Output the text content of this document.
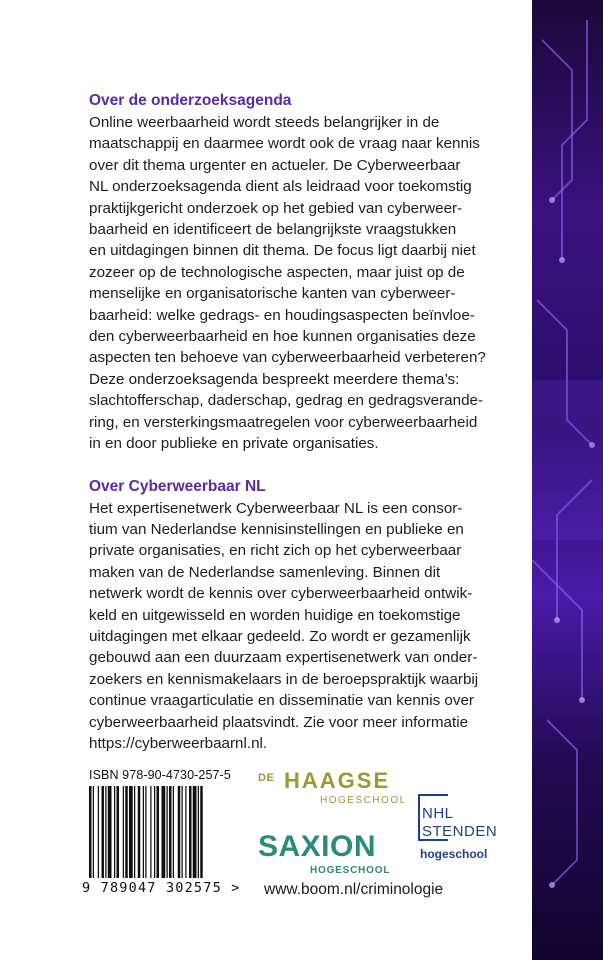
Over de onderzoeksagenda
Online weerbaarheid wordt steeds belangrijker in de
maatschappij en daarmee wordt ook de vraag naar kennis
over dit thema urgenter en actueler. De Cyberweerbaar
NL onderzoeksagenda dient als leidraad voor toekomstig
praktijkgericht onderzoek op het gebied van cyberweer-
baarheid en identificeert de belangrijkste vraagstukken
en uitdagingen binnen dit thema. De focus ligt daarbij niet
zozeer op de technologische aspecten, maar juist op de
menselijke en organisatorische kanten van cyberweer-
baarheid: welke gedrags- en houdingsaspecten beïnvloe-
den cyberweerbaarheid en hoe kunnen organisaties deze
aspecten ten behoeve van cyberweerbaarheid verbeteren?
Deze onderzoeksagenda bespreekt meerdere thema’s:
slachtofferschap, daderschap, gedrag en gedragsverande-
ring, en versterkingsmaatregelen voor cyberweerbaarheid
in en door publieke en private organisaties.
Over Cyberweerbaar NL
Het expertisenetwerk Cyberweerbaar NL is een consor-
tium van Nederlandse kennisinstellingen en publieke en
private organisaties, en richt zich op het cyberweerbaar
maken van de Nederlandse samenleving. Binnen dit
netwerk wordt de kennis over cyberweerbaarheid ontwik-
keld en uitgewisseld en worden huidige en toekomstige
uitdagingen met elkaar gedeeld. Zo wordt er gezamenlijk
gebouwd aan een duurzaam expertisenetwerk van onder-
zoekers en kennismakelaars in de beroepspraktijk waarbij
continue vraagarticulatie en disseminatie van kennis over
cyberweerbaarheid plaatsvindt. Zie voor meer informatie
https://cyberweerbaarnl.nl.
ISBN 978-90-4730-257-5
9 789047 302575 >
DE HAAGSE
HOGESCHOOL
SAXION
HOGESCHOOL
NHL
STENDEN
hogeschool
www.boom.nl/criminologie
